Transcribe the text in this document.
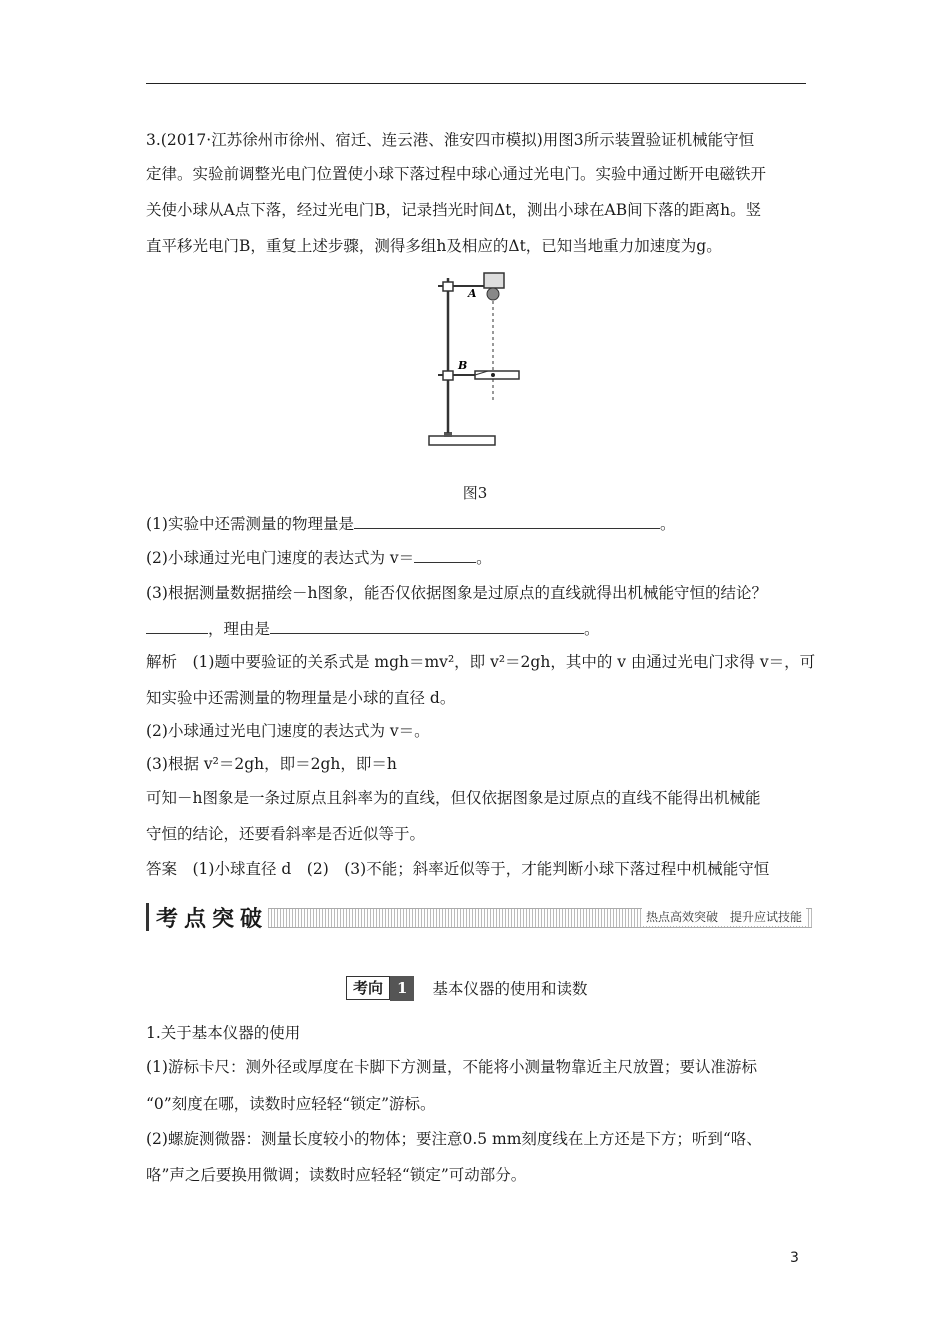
3.(2017·江苏徐州市徐州、宿迁、连云港、淮安四市模拟)用图3所示装置验证机械能守恒
定律。实验前调整光电门位置使小球下落过程中球心通过光电门。实验中通过断开电磁铁开
关使小球从A点下落，经过光电门B，记录挡光时间Δt，测出小球在AB间下落的距离h。竖
直平移光电门B，重复上述步骤，测得多组h及相应的Δt，已知当地重力加速度为g。
A
B
图3
(1)实验中还需测量的物理量是	。
(2)小球通过光电门速度的表达式为 v＝	。
(3)根据测量数据描绘－h图象，能否仅依据图象是过原点的直线就得出机械能守恒的结论？
，理由是	。
解析　(1)题中要验证的关系式是 mgh＝mv²，即 v²＝2gh，其中的 v 由通过光电门求得 v＝，可
知实验中还需测量的物理量是小球的直径 d。
(2)小球通过光电门速度的表达式为 v＝。
(3)根据 v²＝2gh，即＝2gh，即＝h
可知－h图象是一条过原点且斜率为的直线，但仅依据图象是过原点的直线不能得出机械能
守恒的结论，还要看斜率是否近似等于。
答案　(1)小球直径 d　(2)　(3)不能；斜率近似等于，才能判断小球下落过程中机械能守恒
考点突破	热点高效突破　提升应试技能
考向 1	基本仪器的使用和读数
1.关于基本仪器的使用
(1)游标卡尺：测外径或厚度在卡脚下方测量，不能将小测量物靠近主尺放置；要认准游标
“0”刻度在哪，读数时应轻轻“锁定”游标。
(2)螺旋测微器：测量长度较小的物体；要注意0.5 mm刻度线在上方还是下方；听到“咯、
咯”声之后要换用微调；读数时应轻轻“锁定”可动部分。
3
